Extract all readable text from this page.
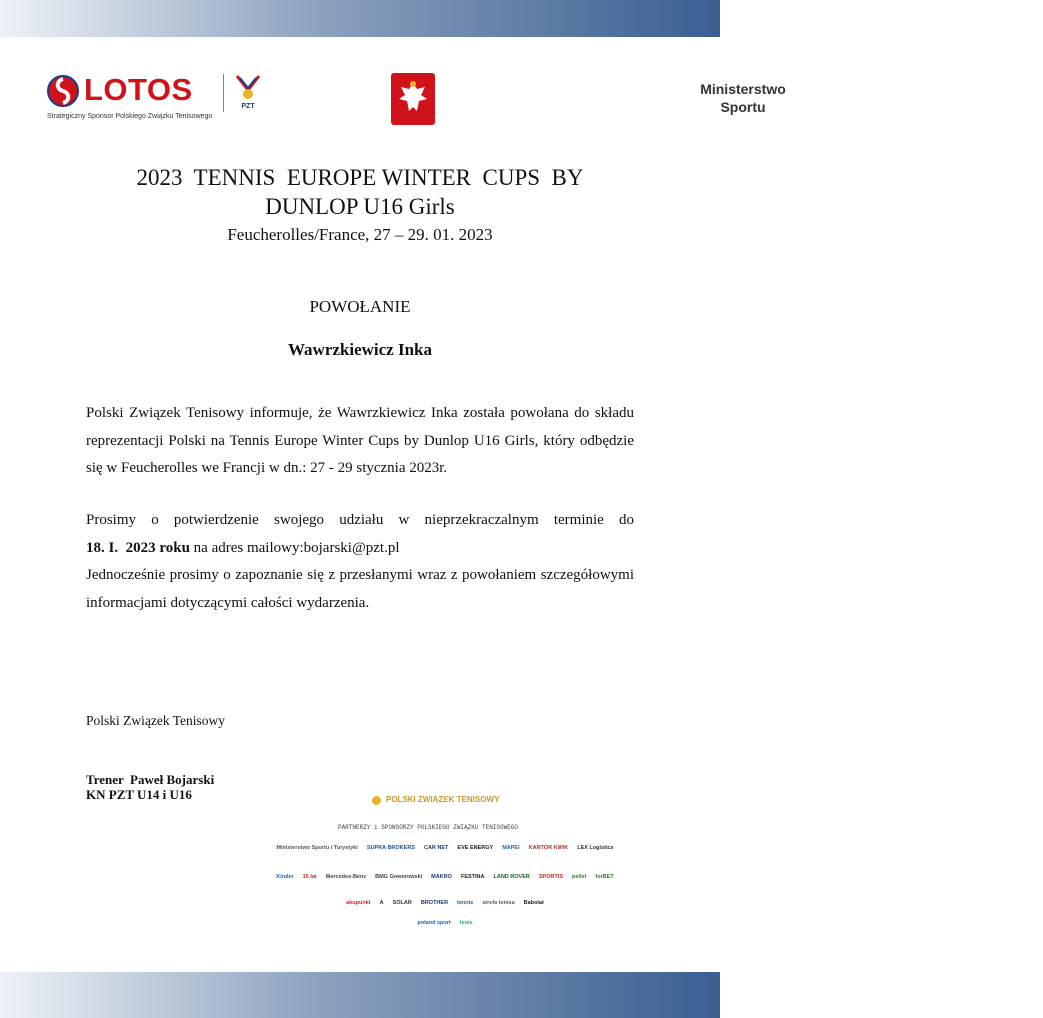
LOTOS	PZT
Strategiczny Sponsor Polskiego Związku Tenisowego
Ministerstwo
Sportu
2023  TENNIS  EUROPE WINTER  CUPS  BY
DUNLOP U16 Girls
Feucherolles/France, 27 – 29. 01. 2023
POWOŁANIE
Wawrzkiewicz Inka
Polski Związek Tenisowy informuje, że Wawrzkiewicz Inka została powołana do składu reprezentacji Polski na Tennis Europe Winter Cups by Dunlop U16 Girls, który odbędzie się w Feucherolles we Francji w dn.: 27 - 29 stycznia 2023r.
Prosimy o potwierdzenie swojego udziału w nieprzekraczalnym terminie do 18. I.  2023 roku na adres mailowy:bojarski@pzt.pl
Jednocześnie prosimy o zapoznanie się z przesłanymi wraz z powołaniem szczegółowymi informacjami dotyczącymi całości wydarzenia.
Polski Związek Tenisowy
Trener  Paweł Bojarski
KN PZT U14 i U16	POLSKI ZWIĄZEK TENISOWY
PARTNERZY i SPONSORZY POLSKIEGO ZWIĄZKU TENISOWEGO
Ministerstwo Sportu i Turystyki SUPRA BROKERS CAR NET EVE ENERGY MAPEI KANTOR KWIK LEX Logistics
Kinder 15 lat Mercedes-Benz BMG Goworowski MAKRO FESTINA LAND ROVER SPORTIS pellet forBET
akupunkt A SOLAR BROTHER tennis strefa tenisa Babolat
poland sport tenis
